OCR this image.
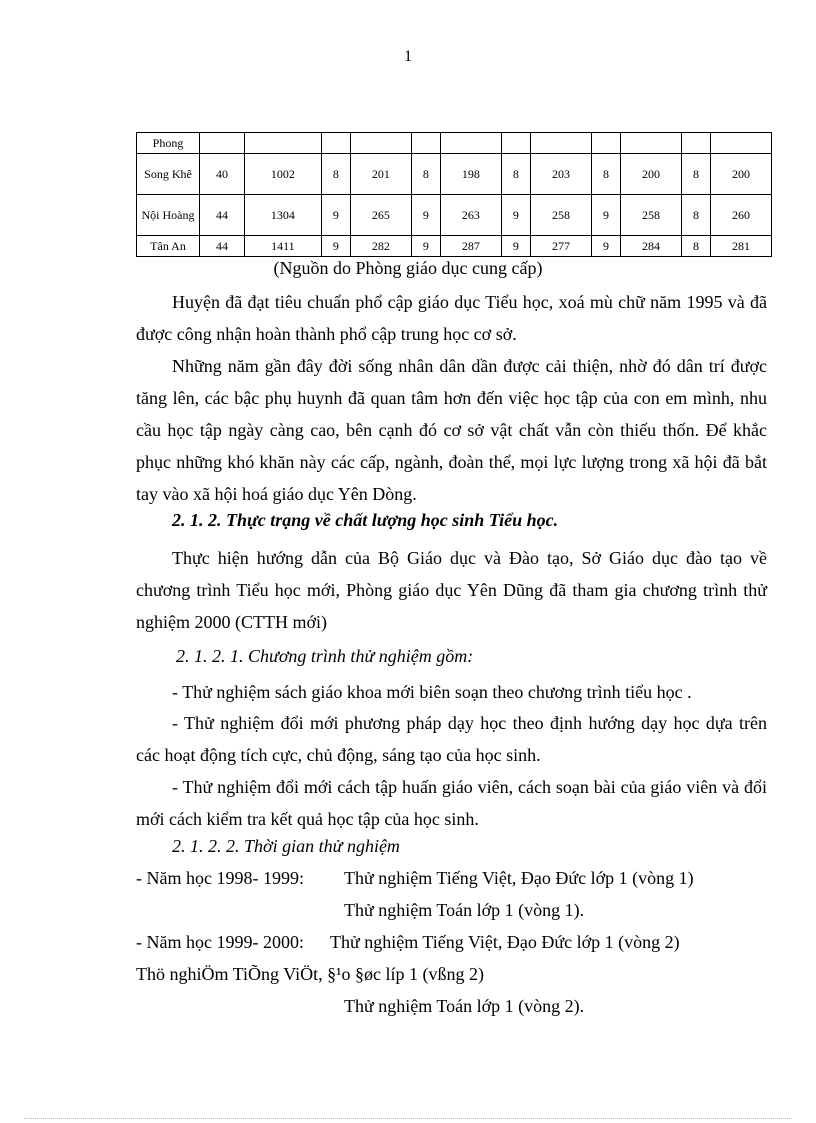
1
Phong												
Song Khê	40	1002	8	201	8	198	8	203	8	200	8	200
Nội Hoàng	44	1304	9	265	9	263	9	258	9	258	8	260
Tân An	44	1411	9	282	9	287	9	277	9	284	8	281
(Nguồn do Phòng giáo dục cung cấp)

Huyện đã đạt tiêu chuẩn phổ cập giáo dục Tiểu học, xoá mù chữ năm 1995 và đã được công nhận hoàn thành phổ cập trung học cơ sở.

Những năm gần đây đời sống nhân dân dần được cải thiện, nhờ đó dân trí được tăng lên, các bậc phụ huynh đã quan tâm hơn đến việc học tập của con em mình, nhu cầu học tập ngày càng cao, bên cạnh đó cơ sở vật chất vẫn còn thiếu thốn. Để khắc phục những khó khăn này các cấp, ngành, đoàn thể, mọi lực lượng trong xã hội đã bắt tay vào xã hội hoá giáo dục Yên Dòng.

2. 1. 2. Thực trạng về chất lượng học sinh Tiểu học.

Thực hiện hướng dẫn của Bộ Giáo dục và Đào tạo, Sở Giáo dục đào tạo về chương trình Tiểu học mới, Phòng giáo dục Yên Dũng đã tham gia chương trình thử nghiệm 2000 (CTTH mới)

2. 1. 2. 1. Chương trình thử nghiệm gồm:

- Thử nghiệm sách giáo khoa mới biên soạn theo chương trình tiểu học .

- Thử nghiệm đổi mới phương pháp dạy học theo định hướng dạy học dựa trên các hoạt động tích cực, chủ động, sáng tạo của học sinh.

- Thử nghiệm đổi mới cách tập huấn giáo viên, cách soạn bài của giáo viên và đổi mới cách kiểm tra kết quả học tập của học sinh.

2. 1. 2. 2. Thời gian thử nghiệm

- Năm học 1998- 1999: Thử nghiệm Tiếng Việt, Đạo Đức lớp 1 (vòng 1)

Thử nghiệm Toán lớp 1 (vòng 1).

- Năm học 1999- 2000: Thử nghiệm Tiếng Việt, Đạo Đức lớp 1 (vòng 2)

Thö nghiÖm TiÕng ViÖt, §¹o §øc líp 1 (vßng 2)

Thử nghiệm Toán lớp 1 (vòng 2).
